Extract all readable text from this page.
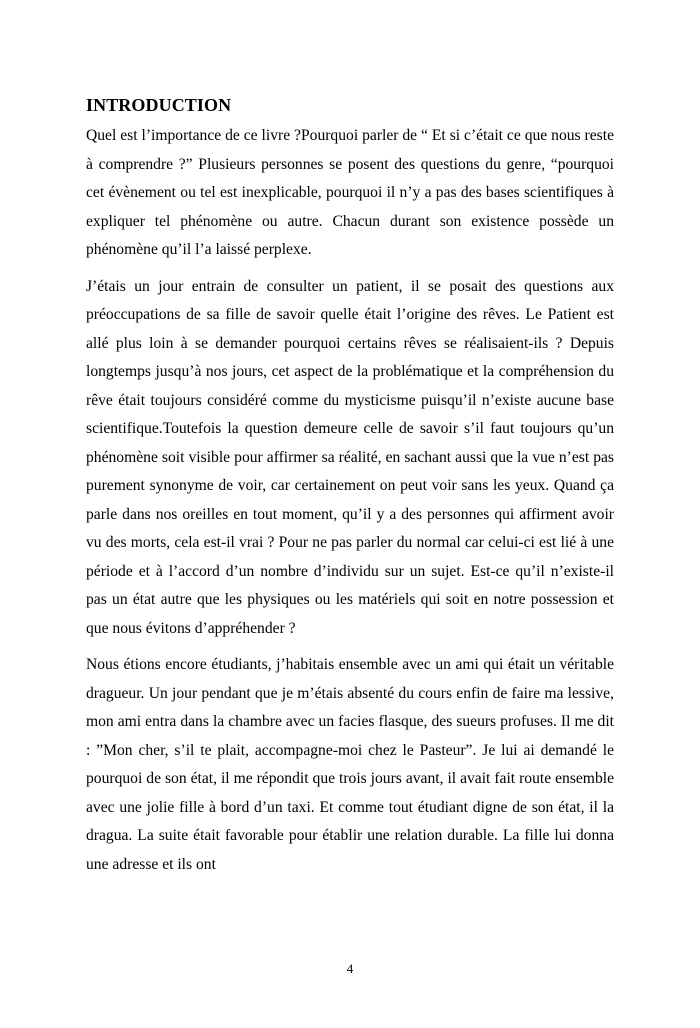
INTRODUCTION

Quel est l’importance de ce livre ?Pourquoi parler de “ Et si c’était ce que nous reste à comprendre ?” Plusieurs personnes se posent des questions du genre, “pourquoi cet évènement ou tel est inexplicable, pourquoi il n’y a pas des bases scientifiques à expliquer tel phénomène ou autre. Chacun durant son existence possède un phénomène qu’il l’a laissé perplexe.

J’étais un jour entrain de consulter un patient, il se posait des questions aux préoccupations de sa fille de savoir quelle était l’origine des rêves. Le Patient est allé plus loin à se demander pourquoi certains rêves se réalisaient-ils ? Depuis longtemps jusqu’à nos jours, cet aspect de la problématique et la compréhension du rêve était toujours considéré comme du mysticisme puisqu’il n’existe aucune base scientifique.Toutefois la question demeure celle de savoir s’il faut toujours qu’un phénomène soit visible pour affirmer sa réalité, en sachant aussi que la vue n’est pas purement synonyme de voir, car certainement on peut voir sans les yeux. Quand ça parle dans nos oreilles en tout moment, qu’il y a des personnes qui affirment avoir vu des morts, cela est-il vrai ? Pour ne pas parler du normal car celui-ci est lié à une période et à l’accord d’un nombre d’individu sur un sujet. Est-ce qu’il n’existe-il pas un état autre que les physiques ou les matériels qui soit en notre possession et que nous évitons d’appréhender ?

Nous étions encore étudiants, j’habitais ensemble avec un ami qui était un véritable dragueur. Un jour pendant que je m’étais absenté du cours enfin de faire ma lessive, mon ami entra dans la chambre avec un facies flasque, des sueurs profuses. Il me dit : ”Mon cher, s’il te plait, accompagne-moi chez le Pasteur”. Je lui ai demandé le pourquoi de son état, il me répondit que trois jours avant, il avait fait route ensemble avec une jolie fille à bord d’un taxi. Et comme tout étudiant digne de son état, il la dragua. La suite était favorable pour établir une relation durable. La fille lui donna une adresse et ils ont

4
